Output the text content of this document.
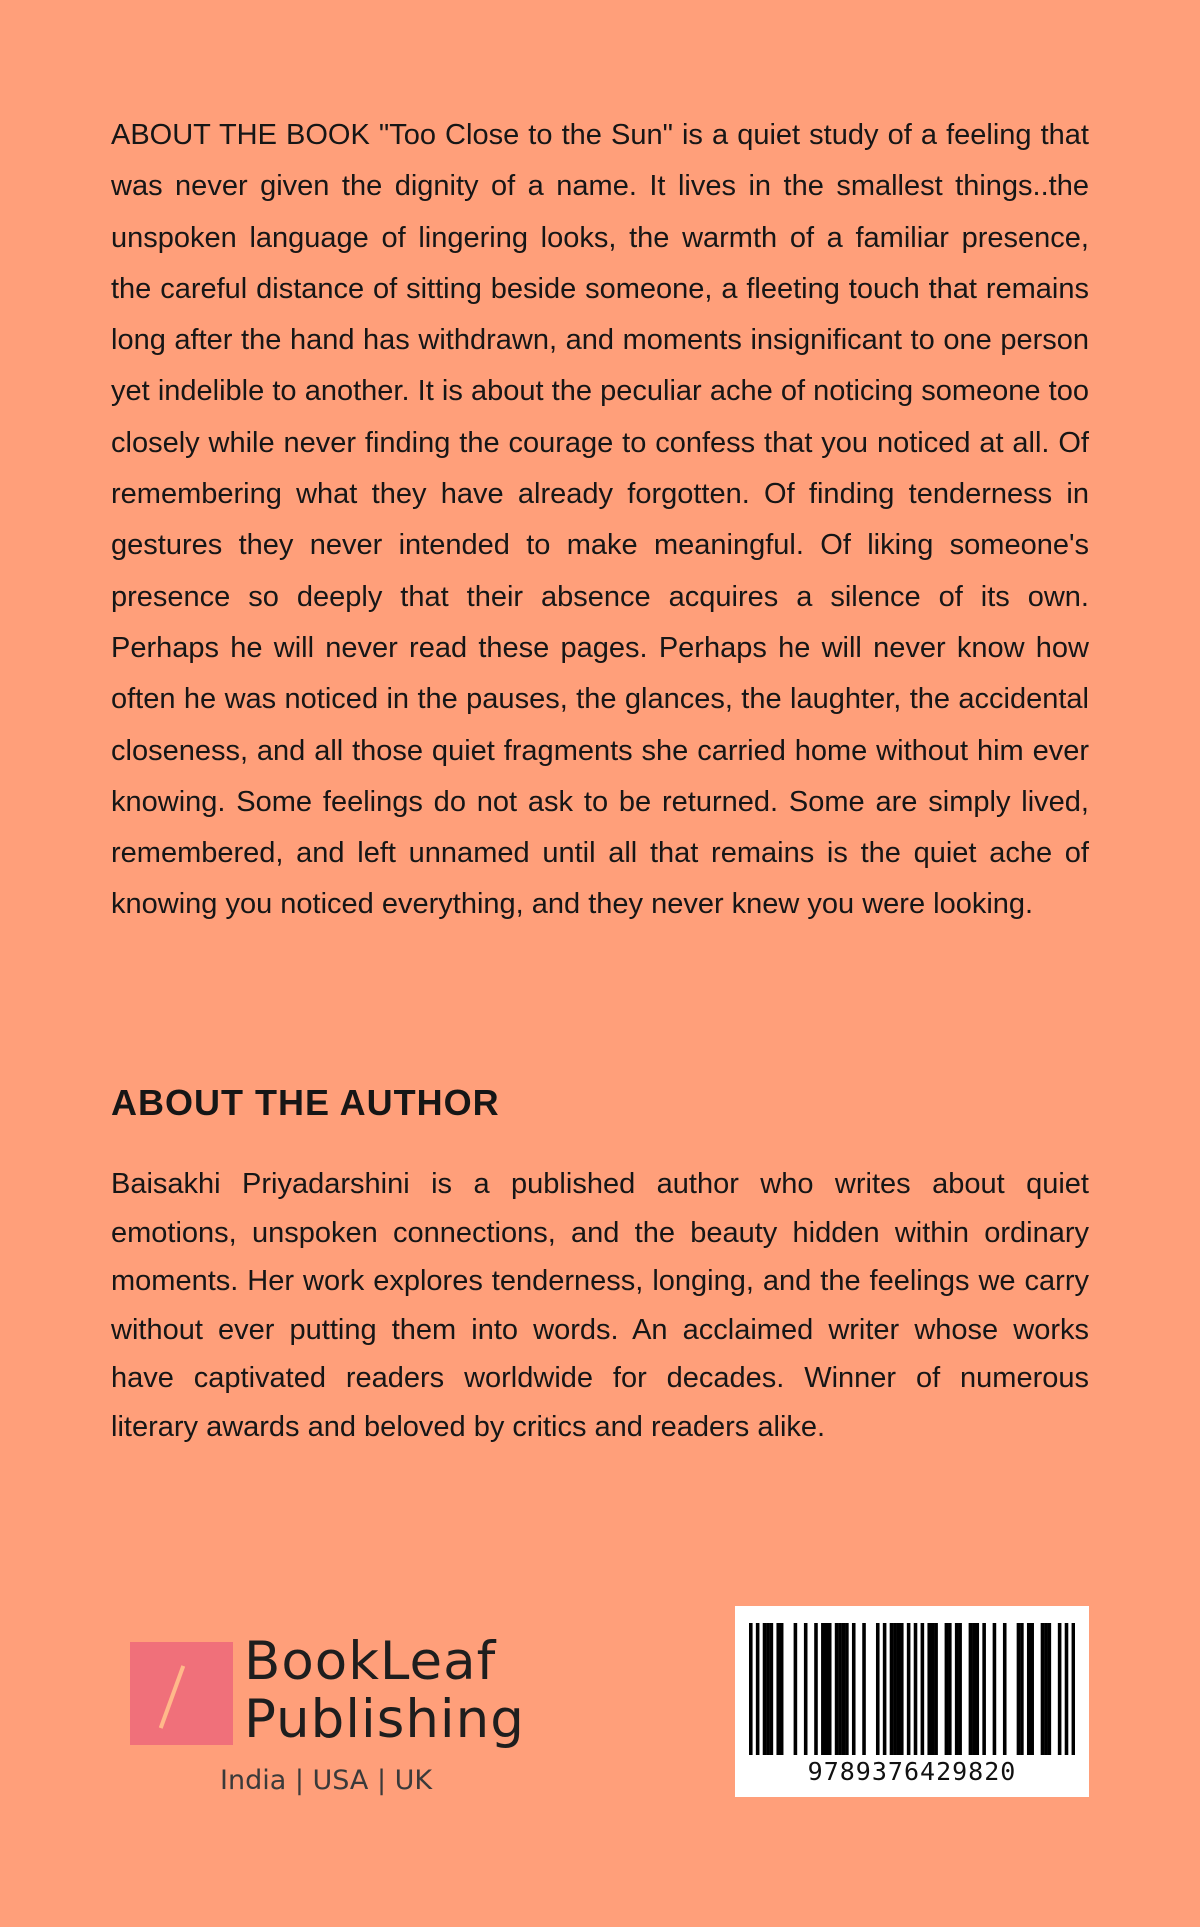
ABOUT THE BOOK "Too Close to the Sun" is a quiet study of a feeling that was never given the dignity of a name. It lives in the smallest things..the unspoken language of lingering looks, the warmth of a familiar presence, the careful distance of sitting beside someone, a fleeting touch that remains long after the hand has withdrawn, and moments insignificant to one person yet indelible to another. It is about the peculiar ache of noticing someone too closely while never finding the courage to confess that you noticed at all. Of remembering what they have already forgotten. Of finding tenderness in gestures they never intended to make meaningful. Of liking someone's presence so deeply that their absence acquires a silence of its own. Perhaps he will never read these pages. Perhaps he will never know how often he was noticed in the pauses, the glances, the laughter, the accidental closeness, and all those quiet fragments she carried home without him ever knowing. Some feelings do not ask to be returned. Some are simply lived, remembered, and left unnamed until all that remains is the quiet ache of knowing you noticed everything, and they never knew you were looking.

ABOUT THE AUTHOR

Baisakhi Priyadarshini is a published author who writes about quiet emotions, unspoken connections, and the beauty hidden within ordinary moments. Her work explores tenderness, longing, and the feelings we carry without ever putting them into words. An acclaimed writer whose works have captivated readers worldwide for decades. Winner of numerous literary awards and beloved by critics and readers alike.

BookLeaf
Publishing
India | USA | UK	9789376429820
